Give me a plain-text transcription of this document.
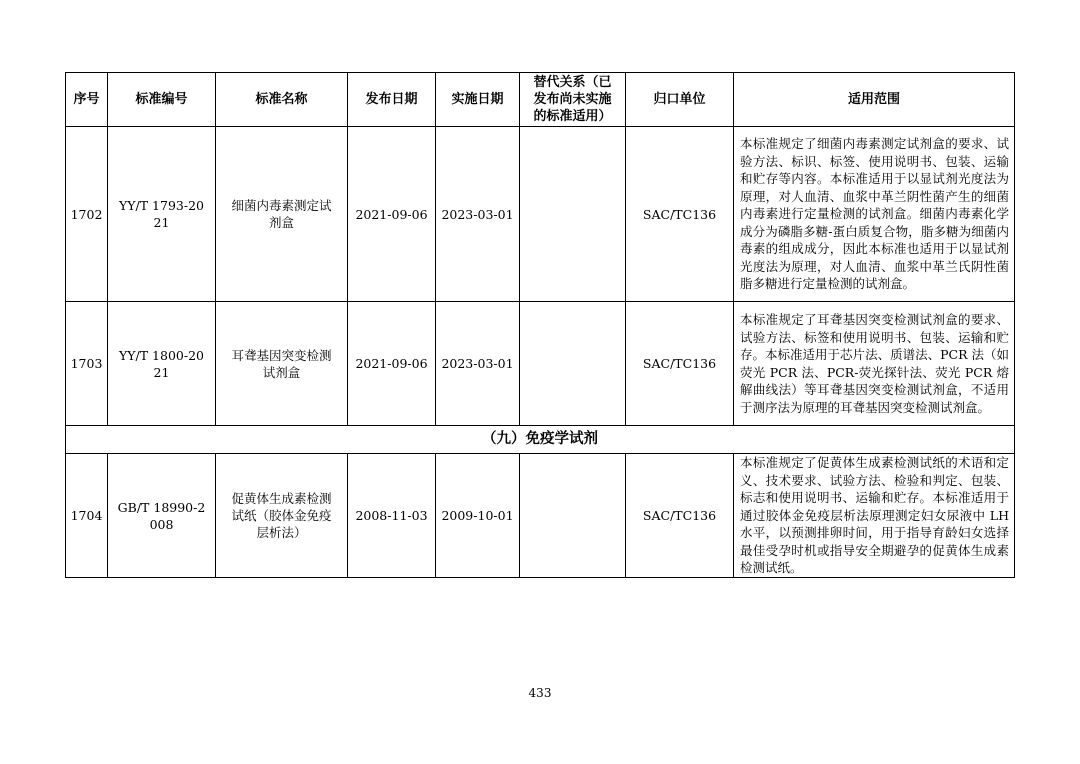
序号	标准编号	标准名称	发布日期	实施日期	替代关系（已发布尚未实施的标准适用）	归口单位	适用范围
1702	YY/T 1793-2021	细菌内毒素测定试剂盒	2021-09-06	2023-03-01		SAC/TC136	本标准规定了细菌内毒素测定试剂盒的要求、试验方法、标识、标签、使用说明书、包装、运输和贮存等内容。本标准适用于以显试剂光度法为原理，对人血清、血浆中革兰阴性菌产生的细菌内毒素进行定量检测的试剂盒。细菌内毒素化学成分为磷脂多糖-蛋白质复合物，脂多糖为细菌内毒素的组成成分，因此本标准也适用于以显试剂光度法为原理，对人血清、血浆中革兰氏阴性菌脂多糖进行定量检测的试剂盒。
1703	YY/T 1800-2021	耳聋基因突变检测试剂盒	2021-09-06	2023-03-01		SAC/TC136	本标准规定了耳聋基因突变检测试剂盒的要求、试验方法、标签和使用说明书、包装、运输和贮存。本标准适用于芯片法、质谱法、PCR 法（如荧光 PCR 法、PCR-荧光探针法、荧光 PCR 熔解曲线法）等耳聋基因突变检测试剂盒，不适用于测序法为原理的耳聋基因突变检测试剂盒。
（九）免疫学试剂							
1704	GB/T 18990-2008	促黄体生成素检测试纸（胶体金免疫层析法）	2008-11-03	2009-10-01		SAC/TC136	本标准规定了促黄体生成素检测试纸的术语和定义、技术要求、试验方法、检验和判定、包装、标志和使用说明书、运输和贮存。本标准适用于通过胶体金免疫层析法原理测定妇女尿液中 LH 水平，以预测排卵时间，用于指导育龄妇女选择最佳受孕时机或指导安全期避孕的促黄体生成素检测试纸。
433
